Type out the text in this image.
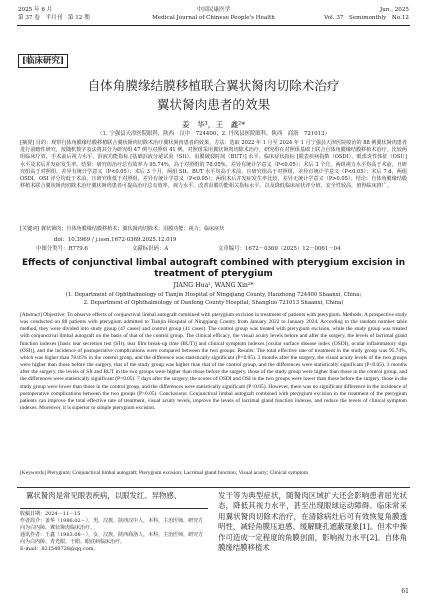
2025 年 6 月
第 37 卷　半月刊　第 12 期
中国民康医学
Medical Journal of Chinese People's Health
Jun., 2025
Vol. 37　Semimonthly　No.12
[临床研究]
自体角膜缘结膜移植联合翼状胬肉切除术治疗
翼状胬肉患者的效果
姜　华¹，王　鑫²*
（1. 宁强县天津医院眼科，陕西　汉中　724400；2. 丹凤县医院眼科，陕西　商洛　721013）
[摘要] 目的：观察自体角膜缘结膜移植联合翼状胬肉切除术治疗翼状胬肉患者的效果。方法：选取 2022 年 1 月至 2024 年 1 月宁强县天津医院收治的 88 例翼状胬肉患者进行前瞻性研究，按随机数字表法将其分为研究组 47 例与对照组 41 例。对照组采用翼状胬肉切除术治疗，研究组在对照组基础上联合自体角膜缘结膜移植术治疗。比较两组临床疗效，手术前后视力水平、泪液功能指标 [基础泪液分泌试验（SⅠt）、泪膜破裂时间（BUT）] 水平、临床症状指标 [眼表疾病指数（OSDI）、眼部炎性体征（OSI）] 水平及术后并发症发生率。结果：研究组治疗总有效率为 95.74%，高于对照组的 78.05%，差异有统计学意义（P<0.05）；术后 3 个月，两组视力水平均高于术前，且研究组高于对照组，差异有统计学意义（P<0.05）；术后 3 个月，两组 SⅠt、BUT 水平均高于术前，且研究组高于对照组，差异有统计学意义（P<0.05）；术后 7 d，两组 OSDI、OSI 评分均低于术前，且研究组低于对照组，差异有统计学意义（P<0.05）；两组术后并发症发生率比较，差异无统计学意义（P>0.05）。结论：自体角膜缘结膜移植术联合翼状胬肉切除术治疗翼状胬肉患者可提高治疗总有效率，视力水平，改善泪膜功能相关指标水平，以及降低临床症状评分值，安全性较高，值得临床推广。
[关键词] 翼状胬肉；自体角膜缘结膜移植术；翼状胬肉切除术；泪膜功能；视力；临床症状
doi：10.3969 / j.issn.1672-0369.2025.12.019
中图分类号：R779.6	文献标识码：A	文章编号：1672－0369（2025）12－0061－04
Effects of conjunctival limbal autograft combined with pterygium excision in treatment of pterygium
JIANG Hua¹, WANG Xin²*
(1. Department of Ophthalmology of Tianjin Hospital of Ningqiang County, Hanzhong 724400 Shaanxi, China;
2. Department of Ophthalmology of Danfeng County Hospital, Shangluo 721013 Shaanxi, China)
[Abstract] Objective: To observe effects of conjunctival limbal autograft combined with pterygium excision in treatment of patients with pterygium. Methods: A prospective study was conducted on 88 patients with pterygium admitted to Tianjin Hospital of Ningqiang County from January 2022 to January 2024. According to the random number table method, they were divided into study group (47 cases) and control group (41 cases). The control group was treated with pterygium excision, while the study group was treated with conjunctival limbal autograft on the basis of that of the control group. The clinical efficacy, the visual acuity levels before and after the surgery, the levels of lacrimal gland function indexes [basic tear secretion test (SⅠt), tear film break-up time (BUT)] and clinical symptom indexes [ocular surface disease index (OSDI), ocular inflammatory sign (OSI)], and the incidence of postoperative complications were compared between the two groups. Results: The total effective rate of treatment in the study group was 95.74%, which was higher than 78.05% in the control group, and the difference was statistically significant (P<0.05). 3 months after the surgery, the visual acuity levels of the two groups were higher than those before the surgery, that of the study group was higher than that of the control group, and the differences were statistically significant (P<0.05). 3 months after the surgery, the levels of SⅠt and BUT in the two groups were higher than those before the surgery, those of the study group were higher than those in the control group, and the differences were statistically significant (P<0.05). 7 days after the surgery, the scores of OSDI and OSI in the two groups were lower than those before the surgery, those in the study group were lower than those in the control group, and the differences were statistically significant (P<0.05). However, there was no significant difference in the incidence of postoperative complications between the two groups (P>0.05). Conclusions: Conjunctival limbal autograft combined with pterygium excision in the treatment of the pterygium patients can improve the total effective rate of treatment, visual acuity levels, improve the levels of lacrimal gland function indexes, and reduce the levels of clinical symptom indexes. Moreover, it is superior to simple pterygium excision.
[Keywords] Pterygium; Conjunctival limbal autograft; Pterygium excision; Lacrimal gland function; Visual acuity; Clinical symptom
翼状胬肉是常见眼表疾病，以眼发红、异物感、
收稿日期：2024－11－15
作者简介：姜华（1986.02－），男，汉族，陕西汉中人，本科，主治医师，研究方向为白内障、翼状胬肉临床治疗。
通讯作者：王鑫（1983.08－），女，汉族，陕西商洛人，本科，主治医师，研究方向为白内障、青光眼、干眼、眼底病临床治疗。
E-mail：821548728@qq.com。
发干等为典型症状，随胬肉区域扩大还会影响患者屈光状态，降低其视力水平，甚至出现眼球运动障碍。临床常采用翼状胬肉切除术治疗，在清除病灶后可有效恢复角膜透明性，减轻角膜压迫感、缓解睫孔遮蔽现象[1]。但术中操作可造成一定程度的角膜创面，影响视力水平[2]。自体角膜缘结膜移植术
61
